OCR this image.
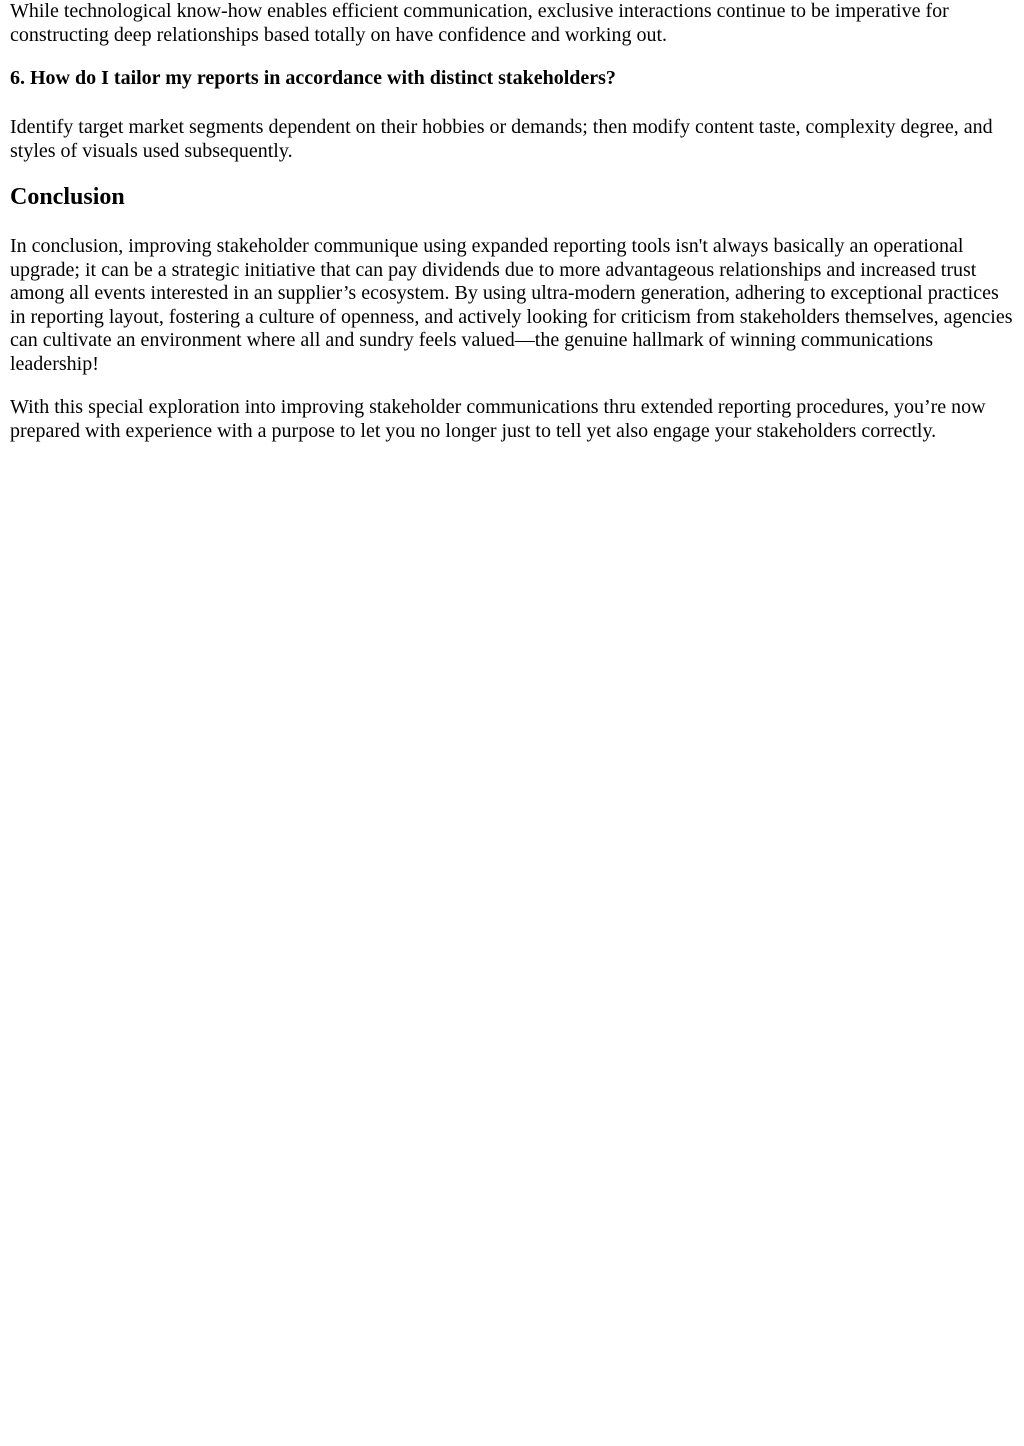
While technological know-how enables efficient communication, exclusive interactions continue to be imperative for constructing deep relationships based totally on have confidence and working out.

6. How do I tailor my reports in accordance with distinct stakeholders?

Identify target market segments dependent on their hobbies or demands; then modify content taste, complexity degree, and styles of visuals used subsequently.

Conclusion

In conclusion, improving stakeholder communique using expanded reporting tools isn't always basically an operational upgrade; it can be a strategic initiative that can pay dividends due to more advantageous relationships and increased trust among all events interested in an supplier’s ecosystem. By using ultra-modern generation, adhering to exceptional practices in reporting layout, fostering a culture of openness, and actively looking for criticism from stakeholders themselves, agencies can cultivate an environment where all and sundry feels valued—the genuine hallmark of winning communications leadership!

With this special exploration into improving stakeholder communications thru extended reporting procedures, you’re now prepared with experience with a purpose to let you no longer just to tell yet also engage your stakeholders correctly.
